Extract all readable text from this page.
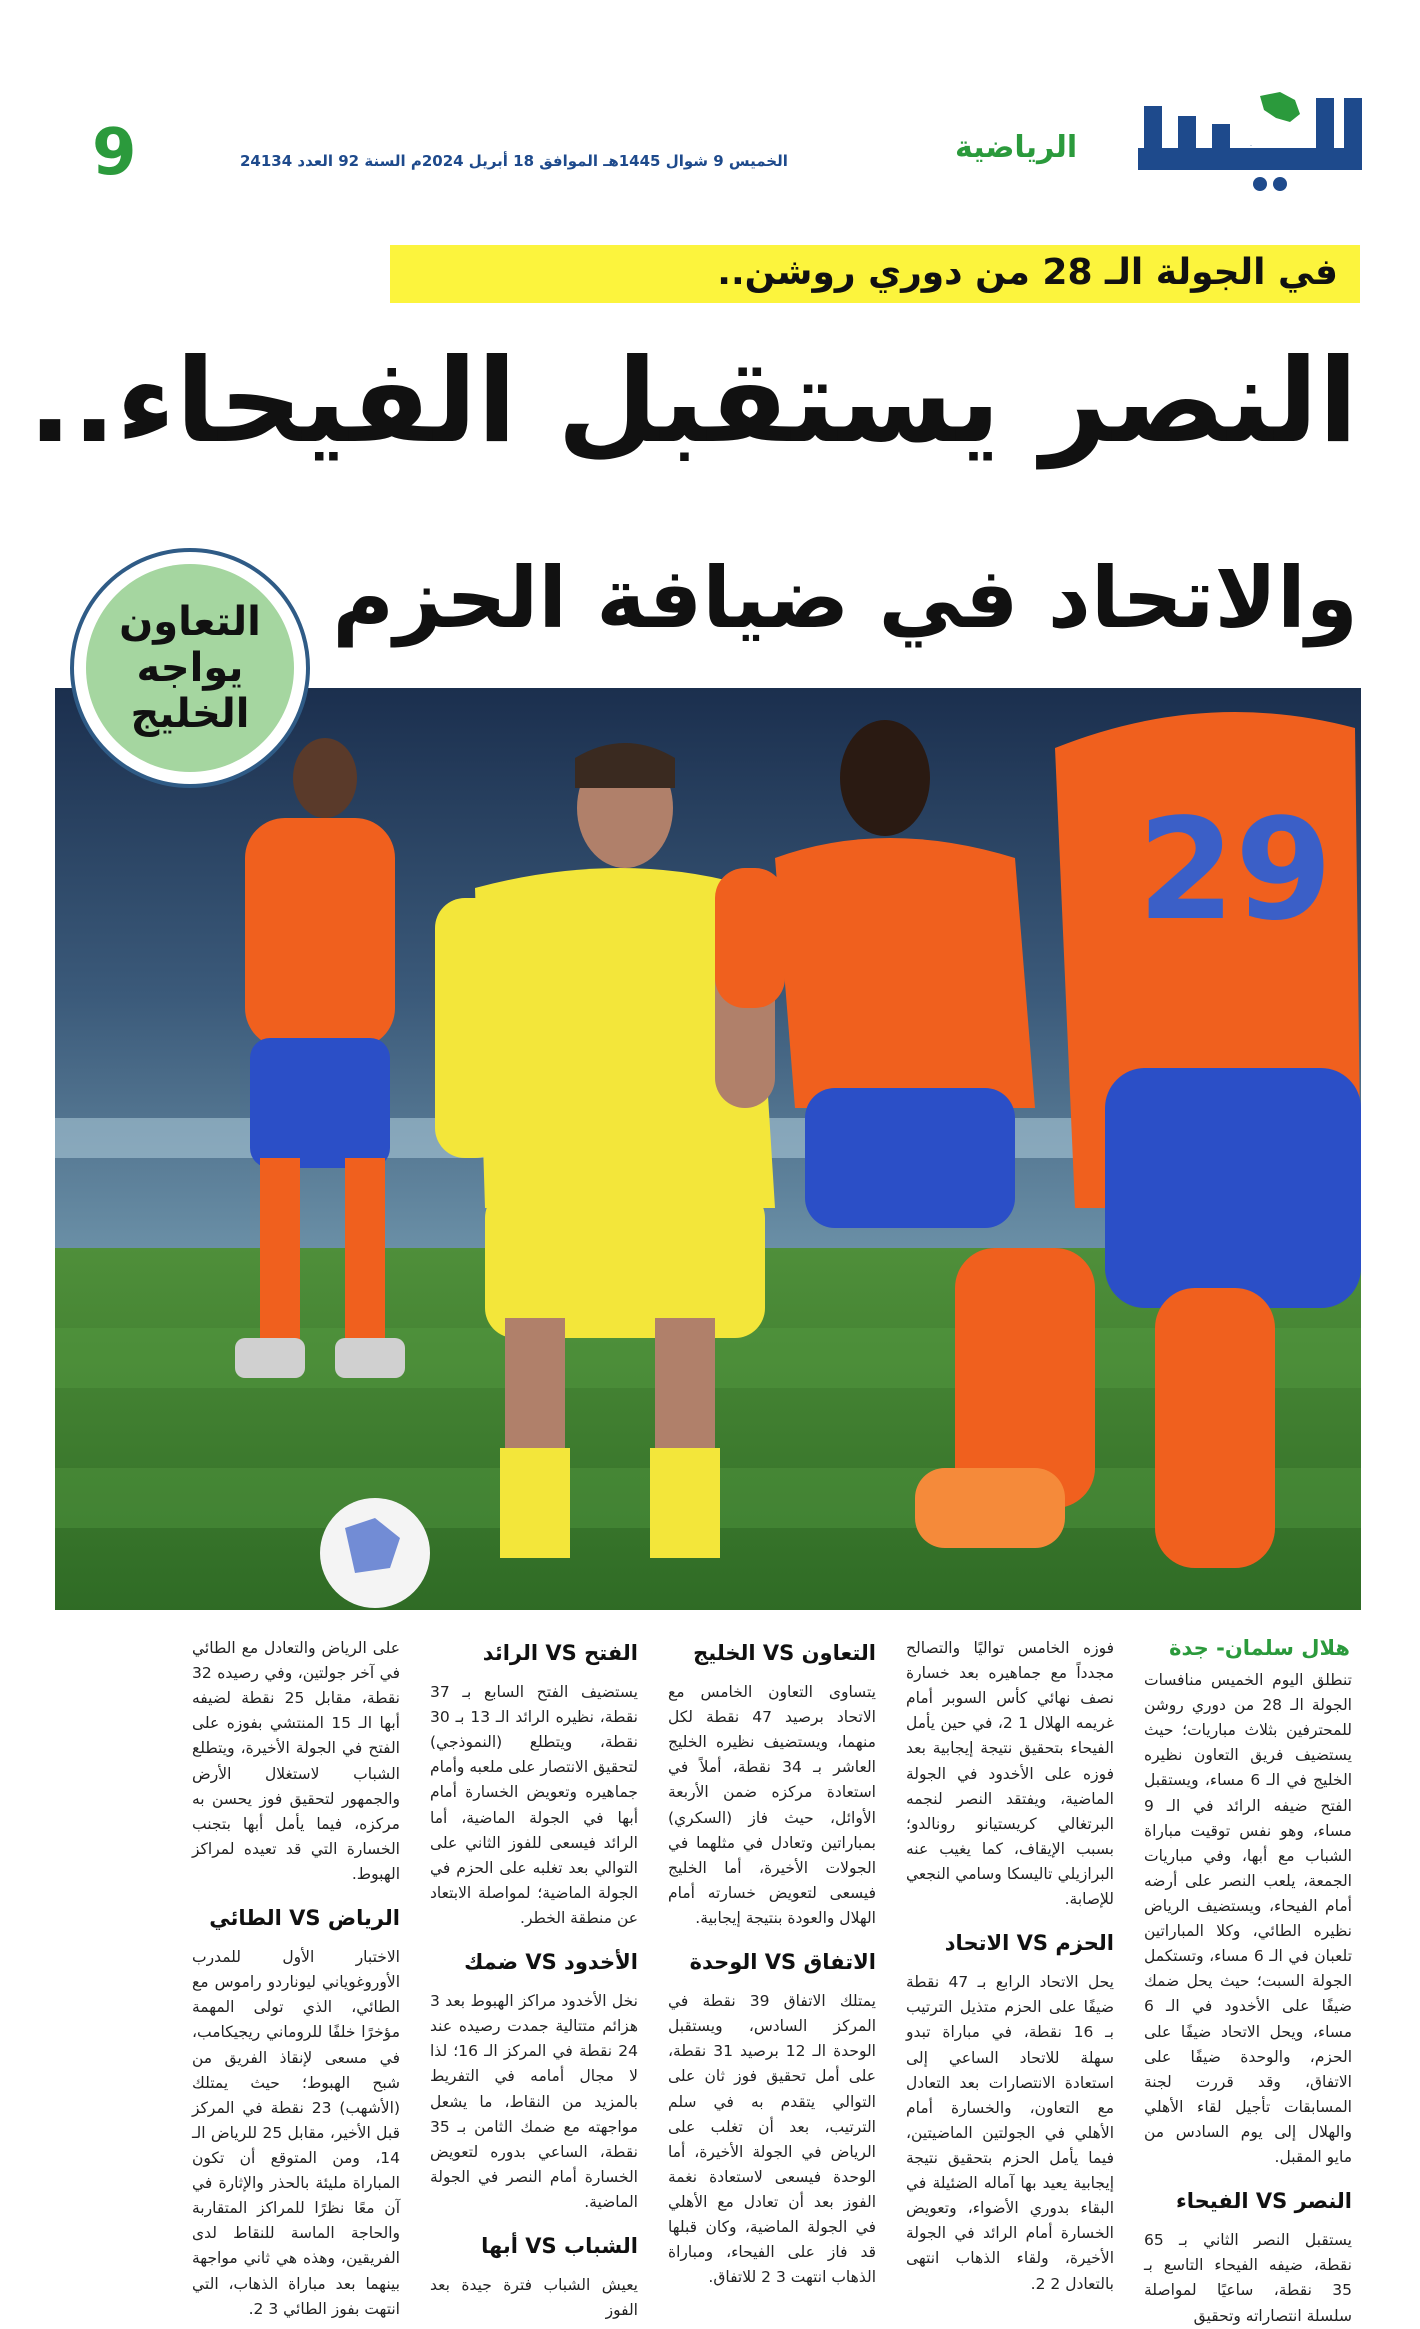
البلاد
الرياضية
الخميس 9 شوال 1445هـ الموافق 18 أبريل 2024م السنة 92 العدد 24134
9
في الجولة الـ 28 من دوري روشن..
النصر يستقبل الفيحاء..
والاتحاد في ضيافة الحزم
التعاون
يواجه
الخليج
29
هلال سلمان- جدة

تنطلق اليوم الخميس منافسات الجولة الـ 28 من دوري روشن للمحترفين بثلاث مباريات؛ حيث يستضيف فريق التعاون نظيره الخليج في الـ 6 مساء، ويستقبل الفتح ضيفه الرائد في الـ 9 مساء، وهو نفس توقيت مباراة الشباب مع أبها، وفي مباريات الجمعة، يلعب النصر على أرضه أمام الفيحاء، ويستضيف الرياض نظيره الطائي، وكلا المباراتين تلعبان في الـ 6 مساء، وتستكمل الجولة السبت؛ حيث يحل ضمك ضيفًا على الأخدود في الـ 6 مساء، ويحل الاتحاد ضيفًا على الحزم، والوحدة ضيفًا على الاتفاق، وقد قررت لجنة المسابقات تأجيل لقاء الأهلي والهلال إلى يوم السادس من مايو المقبل.

النصر VS الفيحاء

يستقبل النصر الثاني بـ 65 نقطة، ضيفه الفيحاء التاسع بـ 35 نقطة، ساعيًا لمواصلة سلسلة انتصاراته وتحقيق

فوزه الخامس تواليًا والتصالح مجدداً مع جماهيره بعد خسارة نصف نهائي كأس السوبر أمام غريمه الهلال 1 2، في حين يأمل الفيحاء بتحقيق نتيجة إيجابية بعد فوزه على الأخدود في الجولة الماضية، ويفتقد النصر لنجمه البرتغالي كريستيانو رونالدو؛ بسبب الإيقاف، كما يغيب عنه البرازيلي تاليسكا وسامي النجعي للإصابة.

الحزم VS الاتحاد

يحل الاتحاد الرابع بـ 47 نقطة ضيفًا على الحزم متذيل الترتيب بـ 16 نقطة، في مباراة تبدو سهلة للاتحاد الساعي إلى استعادة الانتصارات بعد التعادل مع التعاون، والخسارة أمام الأهلي في الجولتين الماضيتين، فيما يأمل الحزم بتحقيق نتيجة إيجابية يعيد بها آماله الضئيلة في البقاء بدوري الأضواء، وتعويض الخسارة أمام الرائد في الجولة الأخيرة، ولقاء الذهاب انتهى بالتعادل 2 2.

التعاون VS الخليج

يتساوى التعاون الخامس مع الاتحاد برصيد 47 نقطة لكل منهما، ويستضيف نظيره الخليج العاشر بـ 34 نقطة، أملاً في استعادة مركزه ضمن الأربعة الأوائل، حيث فاز (السكري) بمباراتين وتعادل في مثلهما في الجولات الأخيرة، أما الخليج فيسعى لتعويض خسارته أمام الهلال والعودة بنتيجة إيجابية.

الاتفاق VS الوحدة

يمتلك الاتفاق 39 نقطة في المركز السادس، ويستقبل الوحدة الـ 12 برصيد 31 نقطة، على أمل تحقيق فوز ثان على التوالي يتقدم به في سلم الترتيب، بعد أن تغلب على الرياض في الجولة الأخيرة، أما الوحدة فيسعى لاستعادة نغمة الفوز بعد أن تعادل مع الأهلي في الجولة الماضية، وكان قبلها قد فاز على الفيحاء، ومباراة الذهاب انتهت 3 2 للاتفاق.

الفتح VS الرائد

يستضيف الفتح السابع بـ 37 نقطة، نظيره الرائد الـ 13 بـ 30 نقطة، ويتطلع (النموذجي) لتحقيق الانتصار على ملعبه وأمام جماهيره وتعويض الخسارة أمام أبها في الجولة الماضية، أما الرائد فيسعى للفوز الثاني على التوالي بعد تغلبه على الحزم في الجولة الماضية؛ لمواصلة الابتعاد عن منطقة الخطر.

الأخدود VS ضمك

نخل الأخدود مراكز الهبوط بعد 3 هزائم متتالية جمدت رصيده عند 24 نقطة في المركز الـ 16؛ لذا لا مجال أمامه في التفريط بالمزيد من النقاط، ما يشعل مواجهته مع ضمك الثامن بـ 35 نقطة، الساعي بدوره لتعويض الخسارة أمام النصر في الجولة الماضية.

الشباب VS أبها

يعيش الشباب فترة جيدة بعد الفوز

على الرياض والتعادل مع الطائي في آخر جولتين، وفي رصيده 32 نقطة، مقابل 25 نقطة لضيفه أبها الـ 15 المنتشي بفوزه على الفتح في الجولة الأخيرة، ويتطلع الشباب لاستغلال الأرض والجمهور لتحقيق فوز يحسن به مركزه، فيما يأمل أبها بتجنب الخسارة التي قد تعيده لمراكز الهبوط.

الرياض VS الطائي

الاختبار الأول للمدرب الأوروغوياني ليوناردو راموس مع الطائي، الذي تولى المهمة مؤخرًا خلفًا للروماني ريجيكامب، في مسعى لإنقاذ الفريق من شبح الهبوط؛ حيث يمتلك (الأشهب) 23 نقطة في المركز قبل الأخير، مقابل 25 للرياض الـ 14، ومن المتوقع أن تكون المباراة مليئة بالحذر والإثارة في آن معًا نظرًا للمراكز المتقاربة والحاجة الماسة للنقاط لدى الفريقين، وهذه هي ثاني مواجهة بينهما بعد مباراة الذهاب، التي انتهت بفوز الطائي 3 2.
